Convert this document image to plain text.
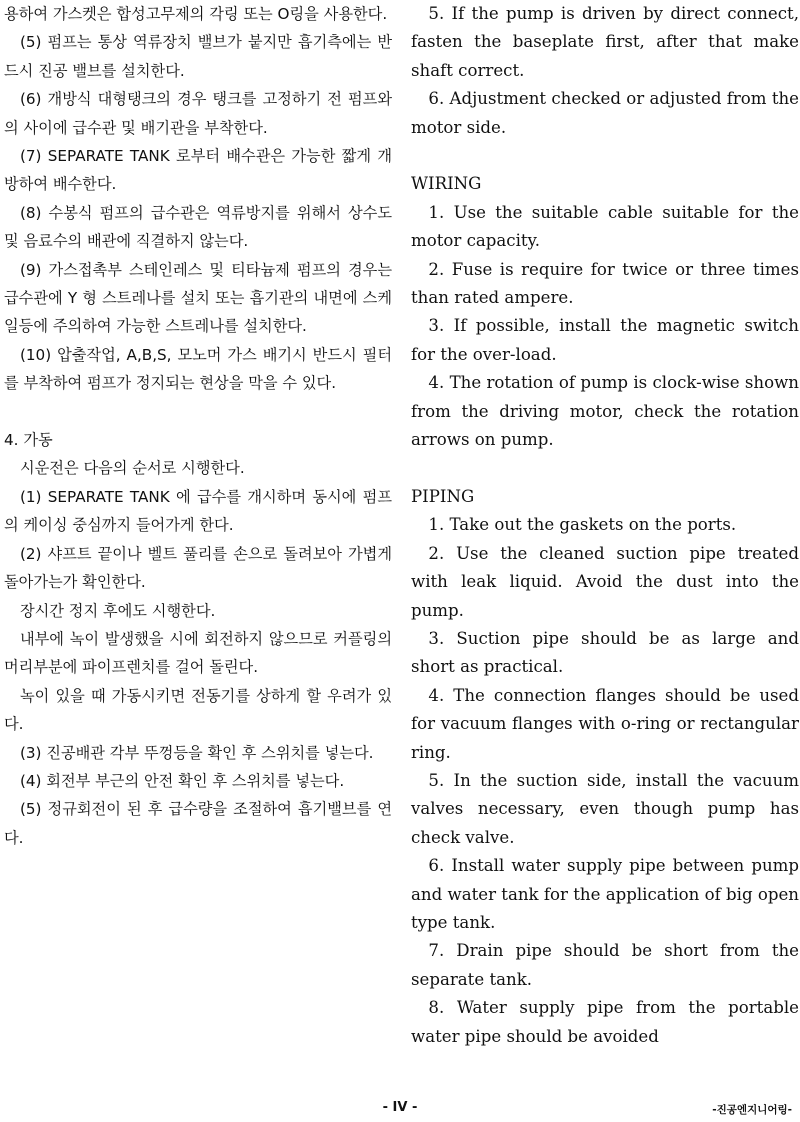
용하여 가스켓은 합성고무제의 각링 또는 O링을 사용한다.

(5) 펌프는 통상 역류장치 밸브가 붙지만 흡기측에는 반드시 진공 밸브를 설치한다.

(6) 개방식 대형탱크의 경우 탱크를 고정하기 전 펌프와의 사이에 급수관 및 배기관을 부착한다.

(7) SEPARATE TANK 로부터 배수관은 가능한 짧게 개방하여 배수한다.

(8) 수봉식 펌프의 급수관은 역류방지를 위해서 상수도 및 음료수의 배관에 직결하지 않는다.

(9) 가스접촉부 스테인레스 및 티타늄제 펌프의 경우는 급수관에 Y 형 스트레나를 설치 또는 흡기관의 내면에 스케일등에 주의하여 가능한 스트레나를 설치한다.

(10) 압출작업, A,B,S, 모노머 가스 배기시 반드시 필터를 부착하여 펌프가 정지되는 현상을 막을 수 있다.

4. 가동

시운전은 다음의 순서로 시행한다.

(1) SEPARATE TANK 에 급수를 개시하며 동시에 펌프의 케이싱 중심까지 들어가게 한다.

(2) 샤프트 끝이나 벨트 풀리를 손으로 돌려보아 가볍게 돌아가는가 확인한다.

장시간 정지 후에도 시행한다.

내부에 녹이 발생했을 시에 회전하지 않으므로 커플링의 머리부분에 파이프렌치를 걸어 돌린다.

녹이 있을 때 가동시키면 전동기를 상하게 할 우려가 있다.

(3) 진공배관 각부 뚜껑등을 확인 후 스위치를 넣는다.

(4) 회전부 부근의 안전 확인 후 스위치를 넣는다.

(5) 정규회전이 된 후 급수량을 조절하여 흡기밸브를 연다.

5. If the pump is driven by direct connect, fasten the baseplate first, after that make shaft correct.

6. Adjustment checked or adjusted from the motor side.

WIRING

1. Use the suitable cable suitable for the motor capacity.

2. Fuse is require for twice or three times than rated ampere.

3. If possible, install the magnetic switch for the over-load.

4. The rotation of pump is clock-wise shown from the driving motor, check the rotation arrows on pump.

PIPING

1. Take out the gaskets on the ports.

2. Use the cleaned suction pipe treated with leak liquid. Avoid the dust into the pump.

3. Suction pipe should be as large and short as practical.

4. The connection flanges should be used for vacuum flanges with o-ring or rectangular ring.

5. In the suction side, install the vacuum valves necessary, even though pump has check valve.

6. Install water supply pipe between pump and water tank for the application of big open type tank.

7. Drain pipe should be short from the separate tank.

8. Water supply pipe from the portable water pipe should be avoided

- IV -	-진공엔지니어링-
